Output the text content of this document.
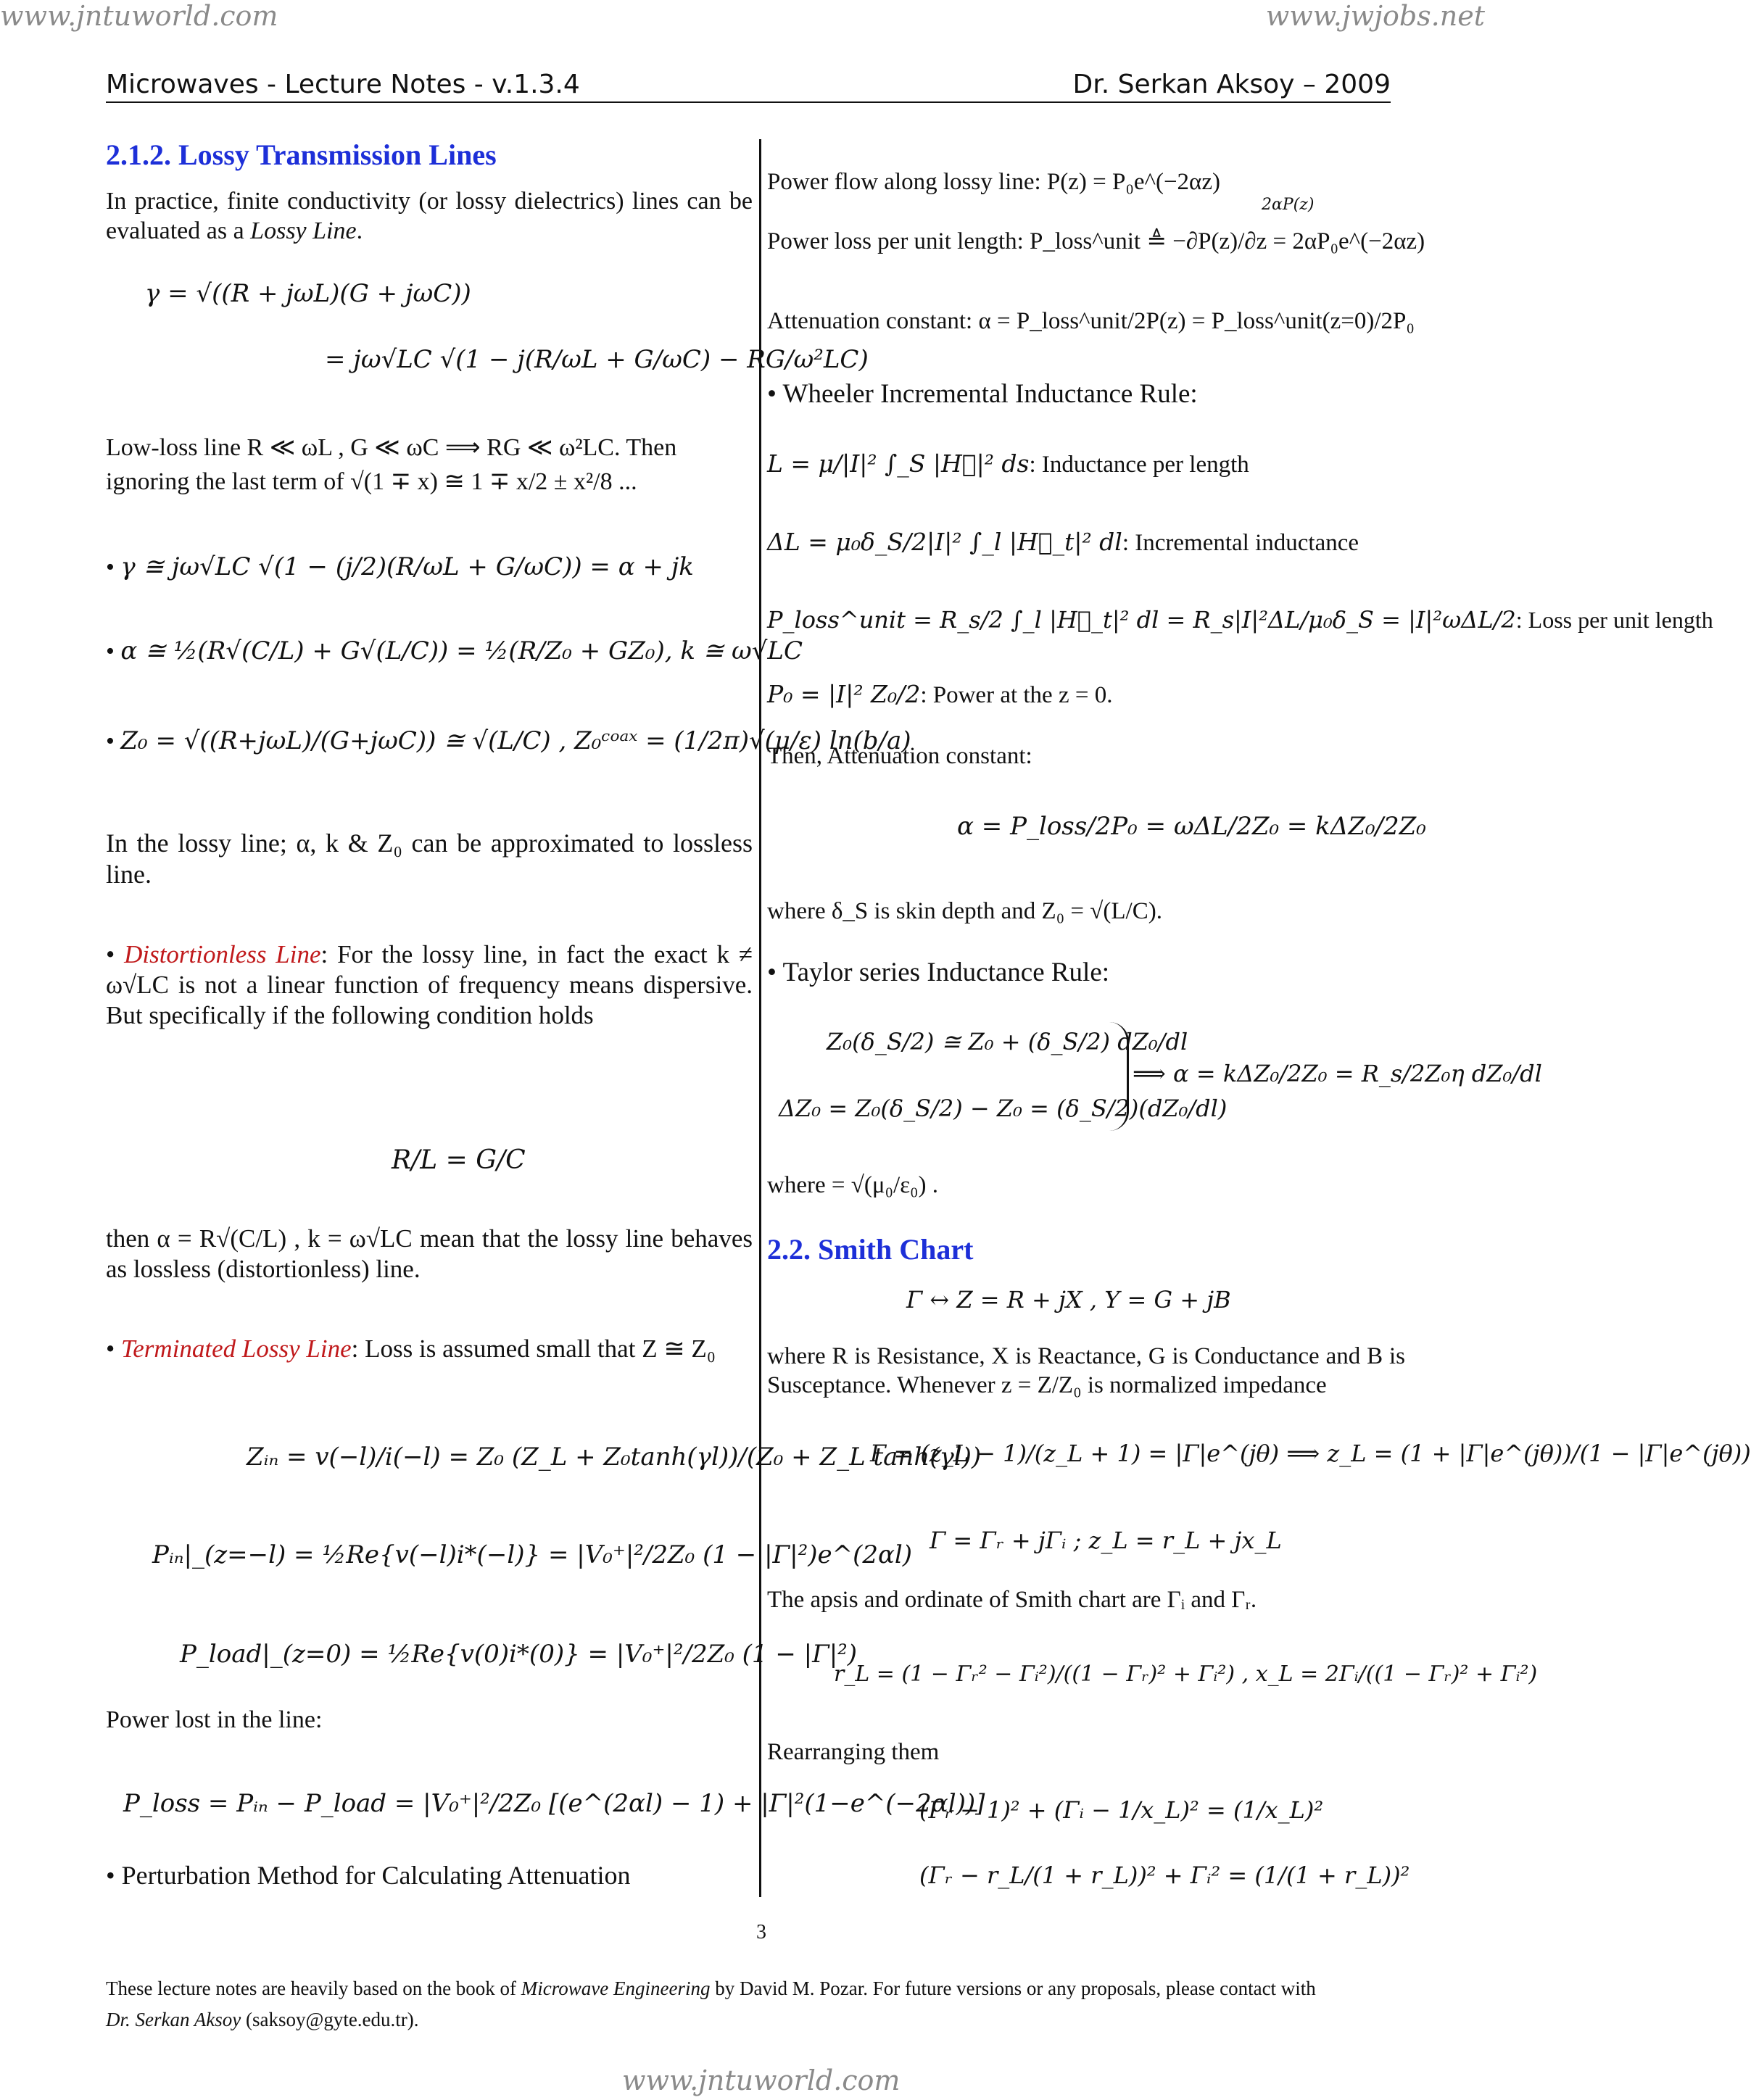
www.jntuworld.com	www.jwjobs.net
www.jntuworld.com
Microwaves - Lecture Notes - v.1.3.4	Dr. Serkan Aksoy – 2009
2.1.2. Lossy Transmission Lines
In practice, finite conductivity (or lossy dielectrics) lines can be evaluated as a Lossy Line.
γ = √((R + jωL)(G + jωC))
= jω√LC √(1 − j(R/ωL + G/ωC) − RG/ω²LC)
Low-loss line R ≪ ωL , G ≪ ωC ⟹ RG ≪ ω²LC. Then
ignoring the last term of √(1 ∓ x) ≅ 1 ∓ x/2 ± x²/8 ...
• γ ≅ jω√LC √(1 − (j/2)(R/ωL + G/ωC)) = α + jk
• α ≅ ½(R√(C/L) + G√(L/C)) = ½(R/Z₀ + GZ₀), k ≅ ω√LC
• Z₀ = √((R+jωL)/(G+jωC)) ≅ √(L/C) , Z₀ᶜᵒᵃˣ = (1/2π)√(μ/ε) ln(b/a)
In the lossy line; α, k & Z₀ can be approximated to lossless line.
• Distortionless Line: For the lossy line, in fact the exact k ≠ ω√LC is not a linear function of frequency means dispersive. But specifically if the following condition holds
R/L = G/C
then α = R√(C/L) , k = ω√LC mean that the lossy line behaves as lossless (distortionless) line.
• Terminated Lossy Line: Loss is assumed small that Z ≅ Z₀
Zᵢₙ = v(−l)/i(−l) = Z₀ (Z_L + Z₀tanh(γl))/(Z₀ + Z_L tanh(γl))
Pᵢₙ|_(z=−l) = ½Re{v(−l)i*(−l)} = |V₀⁺|²/2Z₀ (1 − |Γ|²)e^(2αl)
P_load|_(z=0) = ½Re{v(0)i*(0)} = |V₀⁺|²/2Z₀ (1 − |Γ|²)
Power lost in the line:
P_loss = Pᵢₙ − P_load = |V₀⁺|²/2Z₀ [(e^(2αl) − 1) + |Γ|²(1−e^(−2αl))]
• Perturbation Method for Calculating Attenuation
Power flow along lossy line: P(z) = P₀e^(−2αz)
2αP(z)
Power loss per unit length: P_loss^unit ≜ −∂P(z)/∂z = 2αP₀e^(−2αz)
Attenuation constant: α = P_loss^unit/2P(z) = P_loss^unit(z=0)/2P₀
• Wheeler Incremental Inductance Rule:
L = μ/|I|² ∫_S |H⃗|² ds: Inductance per length
ΔL = μ₀δ_S/2|I|² ∫_l |H⃗_t|² dl: Incremental inductance
P_loss^unit = R_s/2 ∫_l |H⃗_t|² dl = R_s|I|²ΔL/μ₀δ_S = |I|²ωΔL/2: Loss per unit length
P₀ = |I|² Z₀/2: Power at the z = 0.
Then, Attenuation constant:
α = P_loss/2P₀ = ωΔL/2Z₀ = kΔZ₀/2Z₀
where δ_S is skin depth and Z₀ = √(L/C).
• Taylor series Inductance Rule:
Z₀(δ_S/2) ≅ Z₀ + (δ_S/2) dZ₀/dl
ΔZ₀ = Z₀(δ_S/2) − Z₀ = (δ_S/2)(dZ₀/dl)
⟹ α = kΔZ₀/2Z₀ = R_s/2Z₀η dZ₀/dl
where = √(μ₀/ε₀) .
2.2. Smith Chart
Γ ↔ Z = R + jX , Y = G + jB
where R is Resistance, X is Reactance, G is Conductance and B is Susceptance. Whenever z = Z/Z₀ is normalized impedance
Γ = (z_L − 1)/(z_L + 1) = |Γ|e^(jθ) ⟹ z_L = (1 + |Γ|e^(jθ))/(1 − |Γ|e^(jθ))
Γ = Γᵣ + jΓᵢ ; z_L = r_L + jx_L
The apsis and ordinate of Smith chart are Γᵢ and Γᵣ.
r_L = (1 − Γᵣ² − Γᵢ²)/((1 − Γᵣ)² + Γᵢ²) , x_L = 2Γᵢ/((1 − Γᵣ)² + Γᵢ²)
Rearranging them
(Γᵣ − 1)² + (Γᵢ − 1/x_L)² = (1/x_L)²
(Γᵣ − r_L/(1 + r_L))² + Γᵢ² = (1/(1 + r_L))²
3
These lecture notes are heavily based on the book of Microwave Engineering by David M. Pozar. For future versions or any proposals, please contact with
Dr. Serkan Aksoy (saksoy@gyte.edu.tr).
